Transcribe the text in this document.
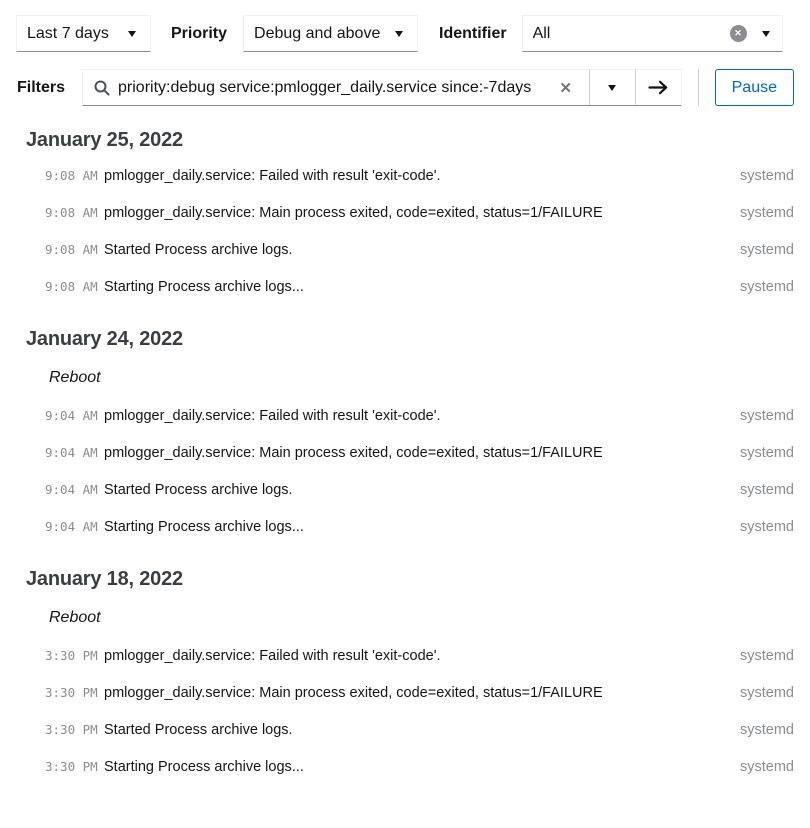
Last 7 days	Priority Debug and above	Identifier All	✕
Filters
priority:debug service:pmlogger_daily.service since:-7days	✕	Pause
January 25, 2022
9:08 AM pmlogger_daily.service: Failed with result 'exit-code'.	systemd
9:08 AM pmlogger_daily.service: Main process exited, code=exited, status=1/FAILURE	systemd
9:08 AM Started Process archive logs.	systemd
9:08 AM Starting Process archive logs...	systemd
January 24, 2022
Reboot
9:04 AM pmlogger_daily.service: Failed with result 'exit-code'.	systemd
9:04 AM pmlogger_daily.service: Main process exited, code=exited, status=1/FAILURE	systemd
9:04 AM Started Process archive logs.	systemd
9:04 AM Starting Process archive logs...	systemd
January 18, 2022
Reboot
3:30 PM pmlogger_daily.service: Failed with result 'exit-code'.	systemd
3:30 PM pmlogger_daily.service: Main process exited, code=exited, status=1/FAILURE	systemd
3:30 PM Started Process archive logs.	systemd
3:30 PM Starting Process archive logs...	systemd
